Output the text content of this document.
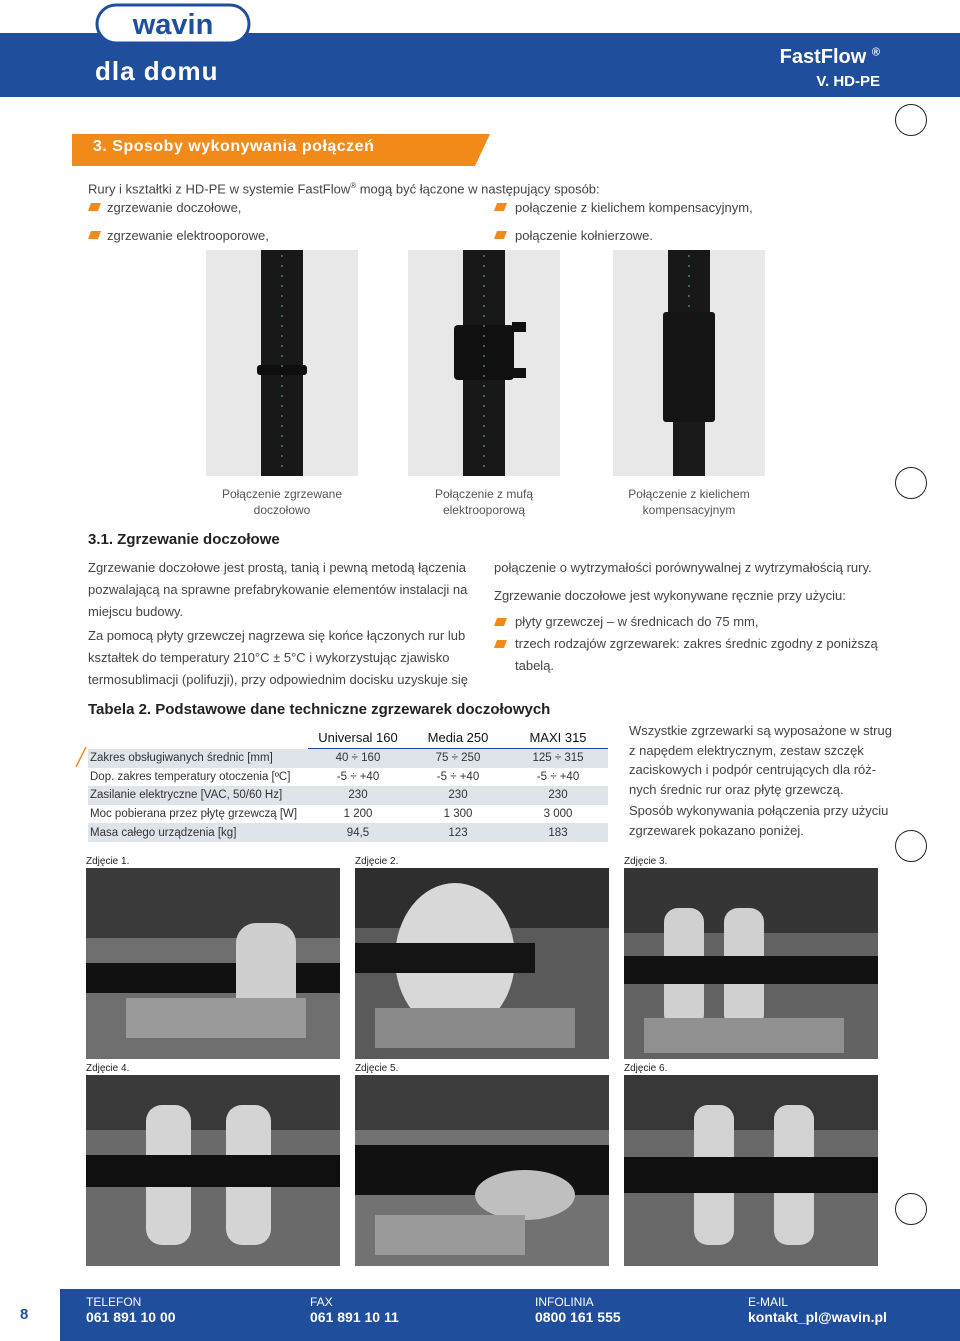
wavin
dla domu	FastFlow ®
V. HD-PE
3. Sposoby wykonywania połączeń
Rury i kształtki z HD-PE w systemie FastFlow® mogą być łączone w następujący sposób:
zgrzewanie doczołowe,
zgrzewanie elektrooporowe,
połączenie z kielichem kompensacyjnym,
połączenie kołnierzowe.
Połączenie zgrzewane
doczołowo
Połączenie z mufą
elektrooporową
Połączenie z kielichem
kompensacyjnym
3.1. Zgrzewanie doczołowe
Zgrzewanie doczołowe jest prostą, tanią i pewną metodą łączenia
pozwalającą na sprawne prefabrykowanie elementów instalacji na
miejscu budowy.
Za pomocą płyty grzewczej nagrzewa się końce łączonych rur lub
kształtek do temperatury 210°C ± 5°C i wykorzystując zjawisko
termosublimacji (polifuzji), przy odpowiednim docisku uzyskuje się
połączenie o wytrzymałości porównywalnej z wytrzymałością rury.
Zgrzewanie doczołowe jest wykonywane ręcznie przy użyciu:
płyty grzewczej – w średnicach do 75 mm,
trzech rodzajów zgrzewarek: zakres średnic zgodny z poniższą
tabelą.
Tabela 2. Podstawowe dane techniczne zgrzewarek doczołowych
	Universal 160	Media 250	MAXI 315
Zakres obsługiwanych średnic [mm]	40 ÷ 160	75 ÷ 250	125 ÷ 315
Dop. zakres temperatury otoczenia [ºC]	-5 ÷ +40	-5 ÷ +40	-5 ÷ +40
Zasilanie elektryczne [VAC, 50/60 Hz]	230	230	230
Moc pobierana przez płytę grzewczą [W]	1 200	1 300	3 000
Masa całego urządzenia [kg]	94,5	123	183
Wszystkie zgrzewarki są wyposażone w strug
z napędem elektrycznym, zestaw szczęk
zaciskowych i podpór centrujących dla róż-
nych średnic rur oraz płytę grzewczą.
Sposób wykonywania połączenia przy użyciu
zgrzewarek pokazano poniżej.
Zdjęcie 1.	Zdjęcie 2.	Zdjęcie 3.
Zdjęcie 4.	Zdjęcie 5.	Zdjęcie 6.
8
TELEFON
061 891 10 00
FAX
061 891 10 11
INFOLINIA
0800 161 555
E-MAIL
kontakt_pl@wavin.pl
